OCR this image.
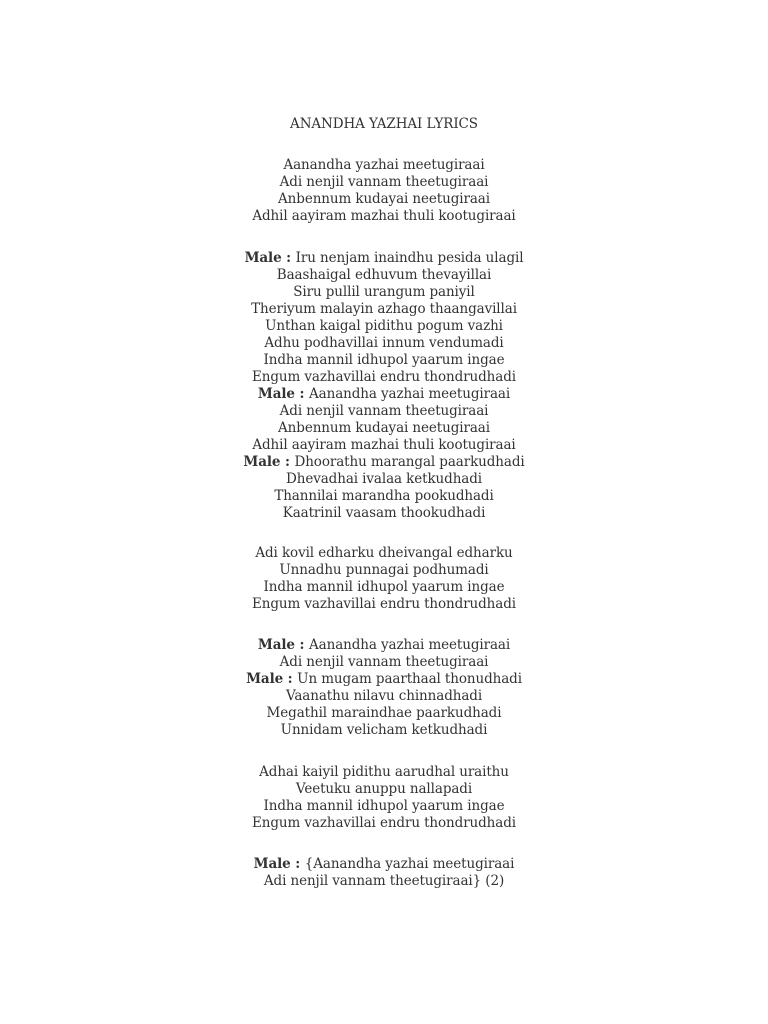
ANANDHA YAZHAI LYRICS
Aanandha yazhai meetugiraai
Adi nenjil vannam theetugiraai
Anbennum kudayai neetugiraai
Adhil aayiram mazhai thuli kootugiraai
Male : Iru nenjam inaindhu pesida ulagil
Baashaigal edhuvum thevayillai
Siru pullil urangum paniyil
Theriyum malayin azhago thaangavillai
Unthan kaigal pidithu pogum vazhi
Adhu podhavillai innum vendumadi
Indha mannil idhupol yaarum ingae
Engum vazhavillai endru thondrudhadi
Male : Aanandha yazhai meetugiraai
Adi nenjil vannam theetugiraai
Anbennum kudayai neetugiraai
Adhil aayiram mazhai thuli kootugiraai
Male : Dhoorathu marangal paarkudhadi
Dhevadhai ivalaa ketkudhadi
Thannilai marandha pookudhadi
Kaatrinil vaasam thookudhadi
Adi kovil edharku dheivangal edharku
Unnadhu punnagai podhumadi
Indha mannil idhupol yaarum ingae
Engum vazhavillai endru thondrudhadi
Male : Aanandha yazhai meetugiraai
Adi nenjil vannam theetugiraai
Male : Un mugam paarthaal thonudhadi
Vaanathu nilavu chinnadhadi
Megathil maraindhae paarkudhadi
Unnidam velicham ketkudhadi
Adhai kaiyil pidithu aarudhal uraithu
Veetuku anuppu nallapadi
Indha mannil idhupol yaarum ingae
Engum vazhavillai endru thondrudhadi
Male : {Aanandha yazhai meetugiraai
Adi nenjil vannam theetugiraai} (2)
